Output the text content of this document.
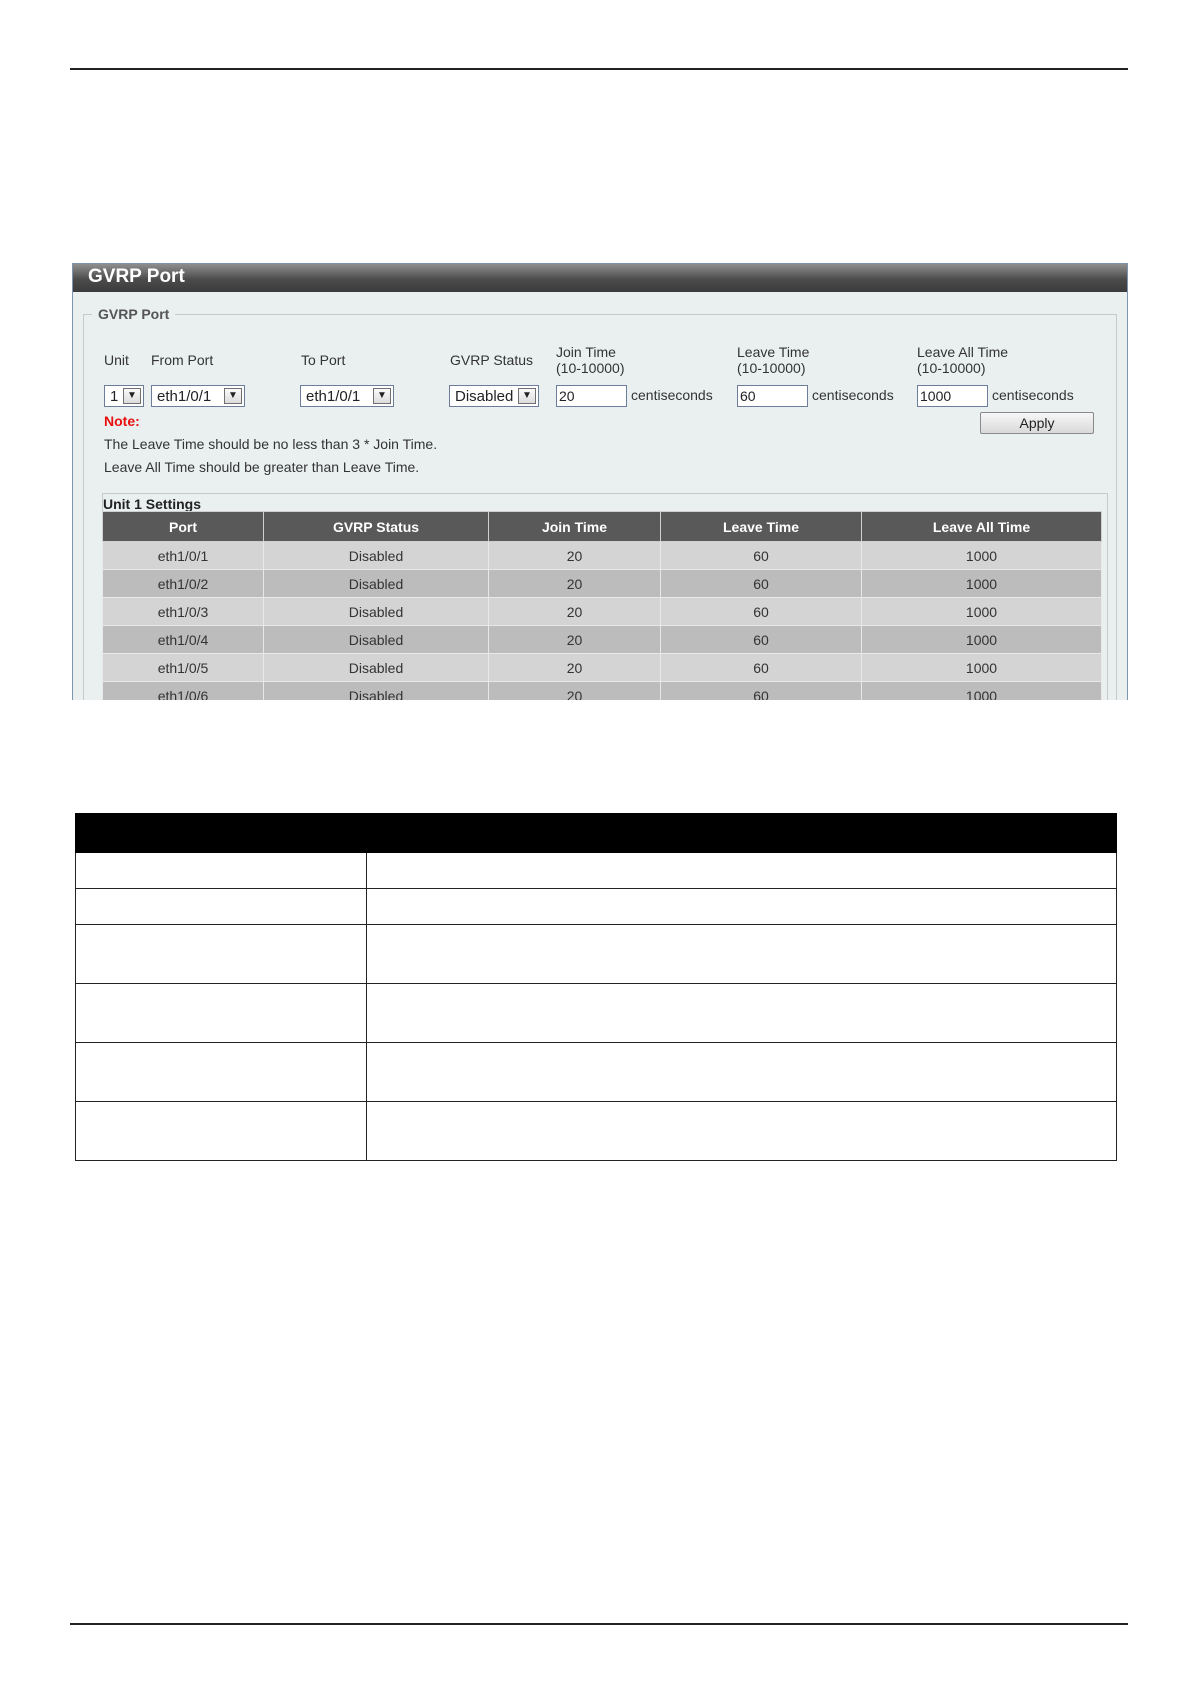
GVRP Port
GVRP Port
Unit From Port	To Port	GVRP Status Join Time
(10-10000)
Leave Time
(10-10000)
Leave All Time
(10-10000)
1 ▼	eth1/0/1	▼	eth1/0/1	▼	Disabled ▼ 20	centiseconds 60	centiseconds 1000	centiseconds
Apply
Note:
The Leave Time should be no less than 3 * Join Time.
Leave All Time should be greater than Leave Time.
Unit 1 Settings
Port	GVRP Status	Join Time	Leave Time	Leave All Time
eth1/0/1	Disabled	20	60	1000
eth1/0/2	Disabled	20	60	1000
eth1/0/3	Disabled	20	60	1000
eth1/0/4	Disabled	20	60	1000
eth1/0/5	Disabled	20	60	1000
eth1/0/6	Disabled	20	60	1000
